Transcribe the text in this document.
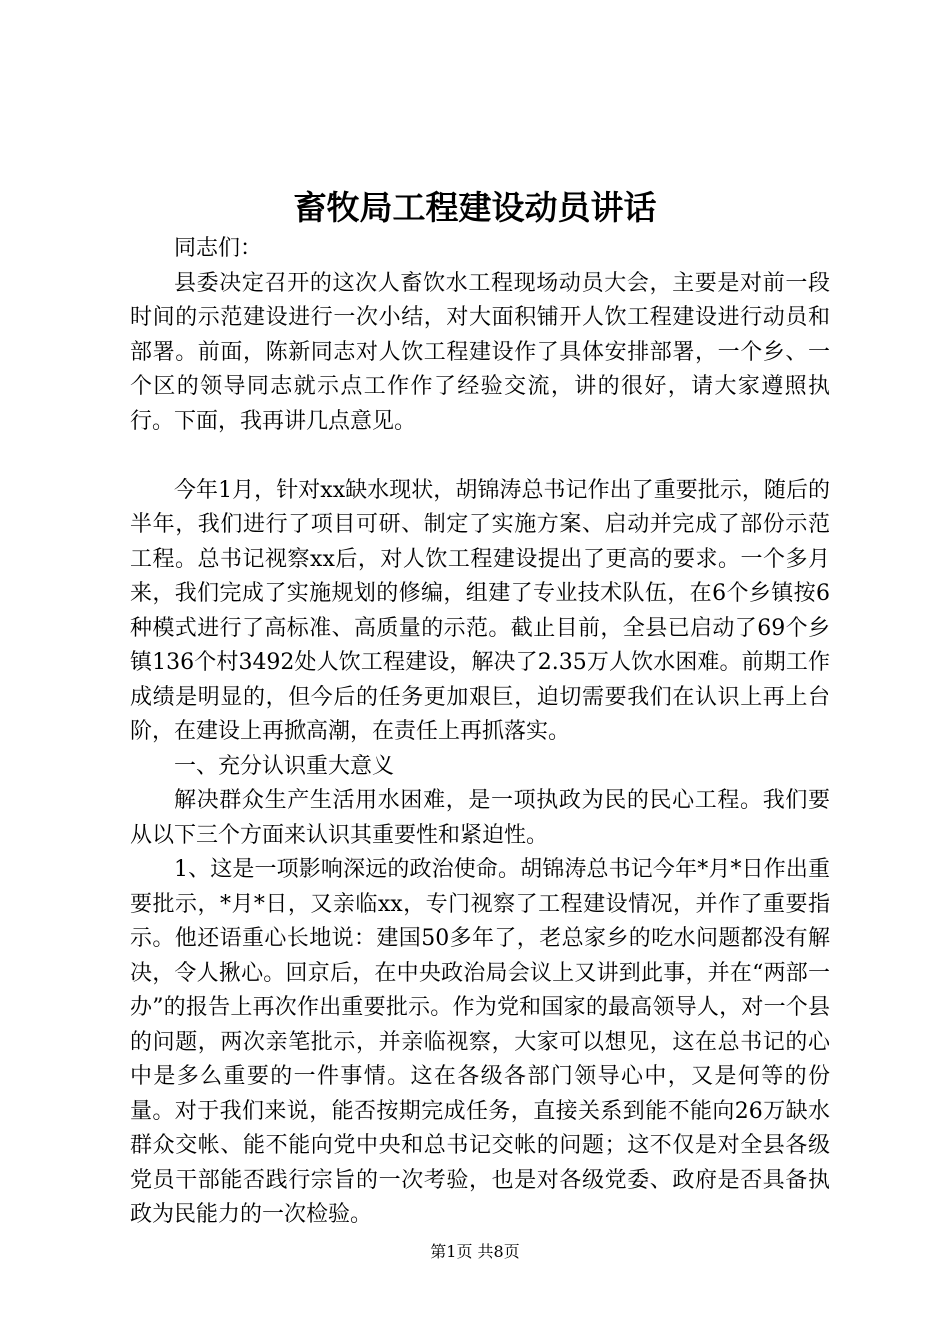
畜牧局工程建设动员讲话

同志们：

县委决定召开的这次人畜饮水工程现场动员大会，主要是对前一段时间的示范建设进行一次小结，对大面积铺开人饮工程建设进行动员和部署。前面，陈新同志对人饮工程建设作了具体安排部署，一个乡、一个区的领导同志就示点工作作了经验交流，讲的很好，请大家遵照执行。下面，我再讲几点意见。

今年1月，针对xx缺水现状，胡锦涛总书记作出了重要批示，随后的半年，我们进行了项目可研、制定了实施方案、启动并完成了部份示范工程。总书记视察xx后，对人饮工程建设提出了更高的要求。一个多月来，我们完成了实施规划的修编，组建了专业技术队伍，在6个乡镇按6种模式进行了高标准、高质量的示范。截止目前，全县已启动了69个乡镇136个村3492处人饮工程建设，解决了2.35万人饮水困难。前期工作成绩是明显的，但今后的任务更加艰巨，迫切需要我们在认识上再上台阶，在建设上再掀高潮，在责任上再抓落实。

一、充分认识重大意义

解决群众生产生活用水困难，是一项执政为民的民心工程。我们要从以下三个方面来认识其重要性和紧迫性。

1、这是一项影响深远的政治使命。胡锦涛总书记今年*月*日作出重要批示，*月*日，又亲临xx，专门视察了工程建设情况，并作了重要指示。他还语重心长地说：建国50多年了，老总家乡的吃水问题都没有解决，令人揪心。回京后，在中央政治局会议上又讲到此事，并在“两部一办”的报告上再次作出重要批示。作为党和国家的最高领导人，对一个县的问题，两次亲笔批示，并亲临视察，大家可以想见，这在总书记的心中是多么重要的一件事情。这在各级各部门领导心中，又是何等的份量。对于我们来说，能否按期完成任务，直接关系到能不能向26万缺水群众交帐、能不能向党中央和总书记交帐的问题；这不仅是对全县各级党员干部能否践行宗旨的一次考验，也是对各级党委、政府是否具备执政为民能力的一次检验。

第1页 共8页
